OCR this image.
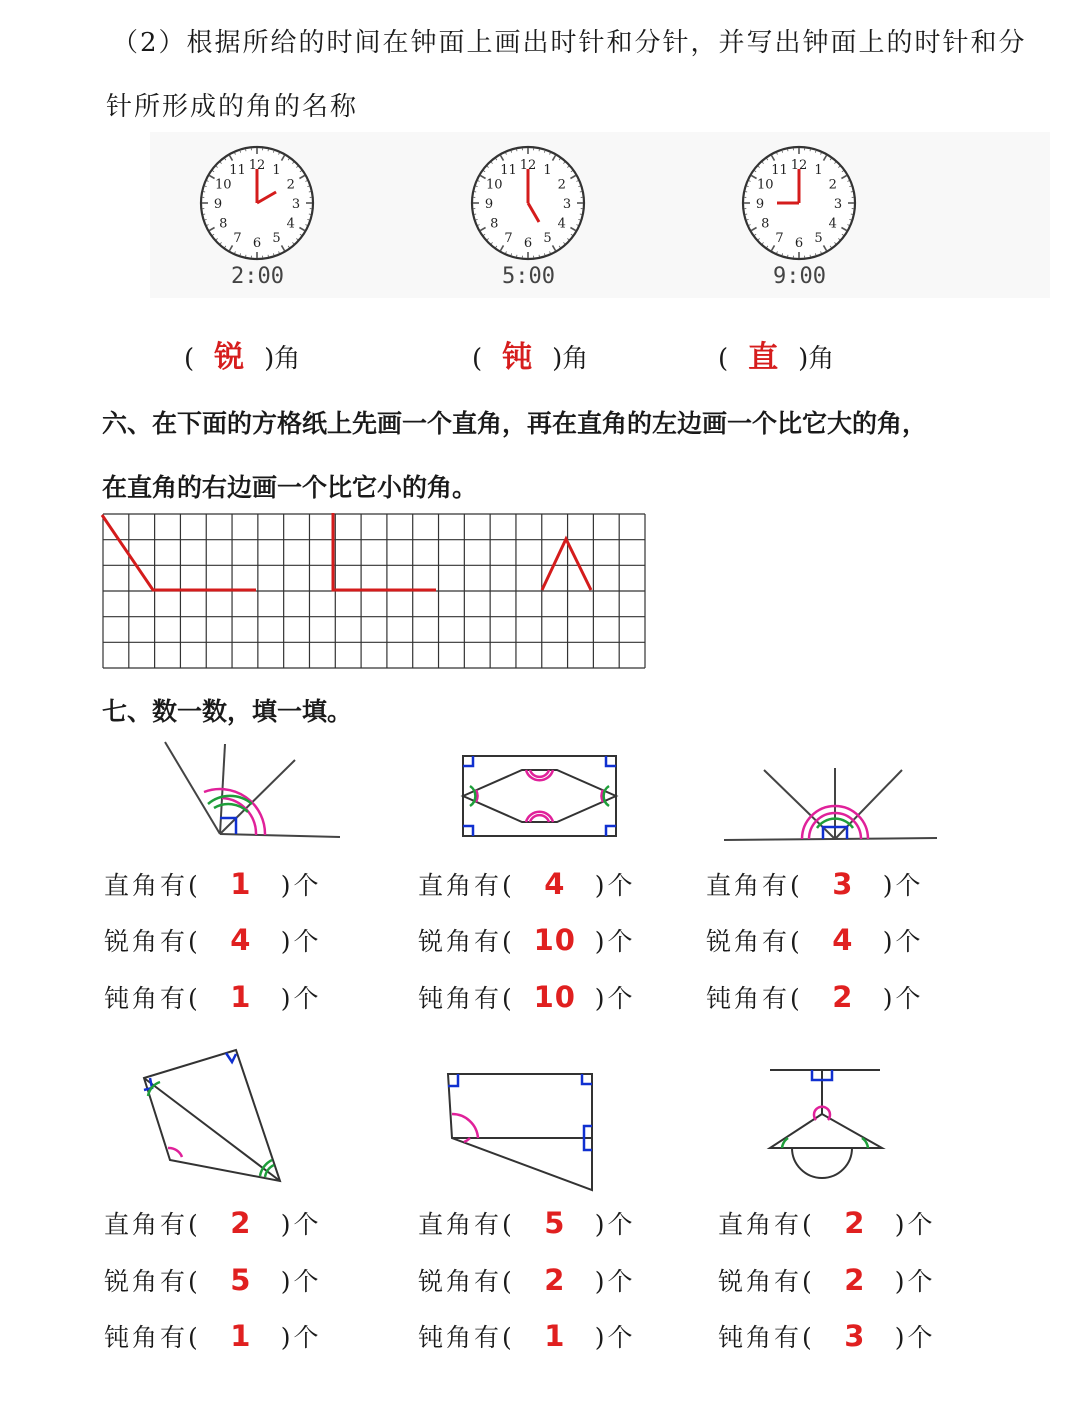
（2）根据所给的时间在钟面上画出时针和分针，并写出钟面上的时针和分
针所形成的角的名称
12 1
2
3
4
5
6
7
8
9
10
11	12 1
2
3
4
5
6
7
8
9
10
11	12 1
2
3
4
5
6
7
8
9
10
11
2:00	5:00	9:00
( 锐 )角	( 钝 )角	( 直 )角
六、在下面的方格纸上先画一个直角，再在直角的左边画一个比它大的角，
在直角的右边画一个比它小的角。
七、数一数，填一填。
直角有( 1 )个
锐角有( 4 )个
钝角有( 1 )个
直角有( 4 )个
锐角有( 10 )个
钝角有( 10 )个
直角有( 3 )个
锐角有( 4 )个
钝角有( 2 )个
直角有( 2 )个
锐角有( 5 )个
钝角有( 1 )个
直角有( 5 )个
锐角有( 2 )个
钝角有( 1 )个
直角有( 2 )个
锐角有( 2 )个
钝角有( 3 )个
